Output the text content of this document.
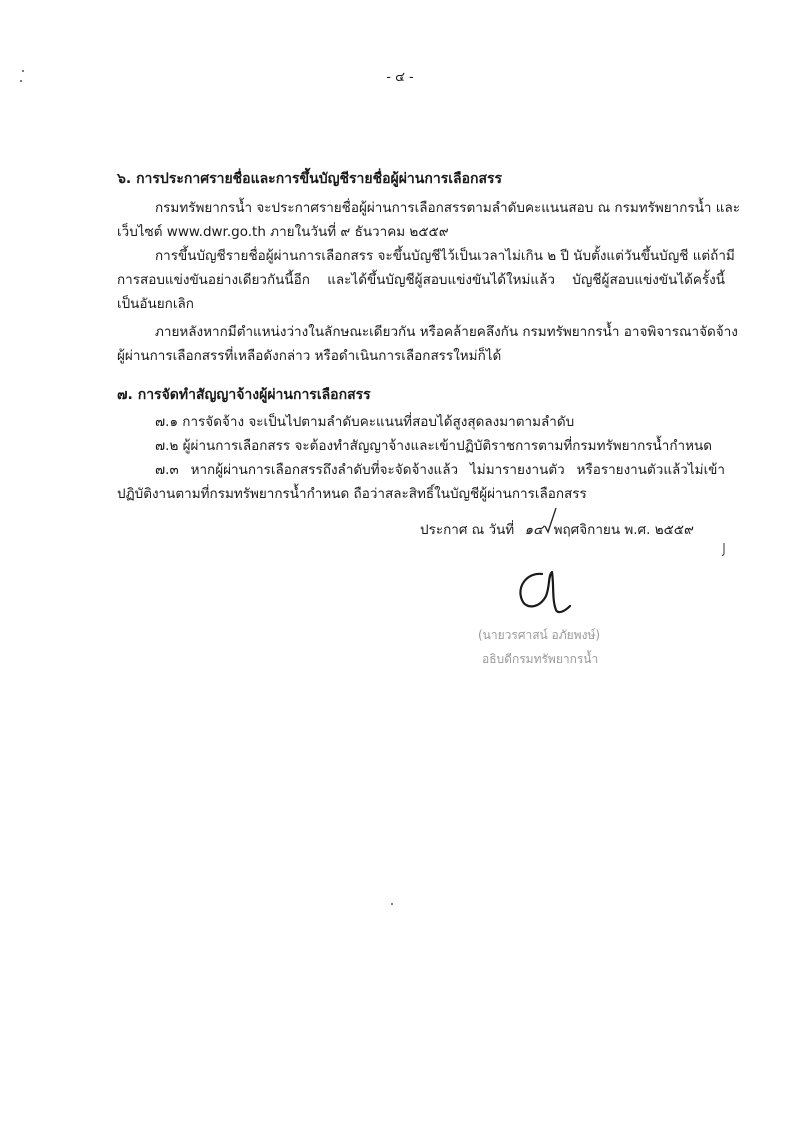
- ๔ -
๖. การประกาศรายชื่อและการขึ้นบัญชีรายชื่อผู้ผ่านการเลือกสรร
กรมทรัพยากรน้ำ จะประกาศรายชื่อผู้ผ่านการเลือกสรรตามลำดับคะแนนสอบ ณ กรมทรัพยากรน้ำ และ
เว็บไซต์ www.dwr.go.th ภายในวันที่ ๙ ธันวาคม ๒๕๕๙
การขึ้นบัญชีรายชื่อผู้ผ่านการเลือกสรร จะขึ้นบัญชีไว้เป็นเวลาไม่เกิน ๒ ปี นับตั้งแต่วันขึ้นบัญชี แต่ถ้ามี
การสอบแข่งขันอย่างเดียวกันนี้อีก และได้ขึ้นบัญชีผู้สอบแข่งขันได้ใหม่แล้ว บัญชีผู้สอบแข่งขันได้ครั้งนี้
เป็นอันยกเลิก
ภายหลังหากมีตำแหน่งว่างในลักษณะเดียวกัน หรือคล้ายคลึงกัน กรมทรัพยากรน้ำ อาจพิจารณาจัดจ้าง
ผู้ผ่านการเลือกสรรที่เหลือดังกล่าว หรือดำเนินการเลือกสรรใหม่ก็ได้
๗. การจัดทำสัญญาจ้างผู้ผ่านการเลือกสรร
๗.๑ การจัดจ้าง จะเป็นไปตามลำดับคะแนนที่สอบได้สูงสุดลงมาตามลำดับ
๗.๒ ผู้ผ่านการเลือกสรร จะต้องทำสัญญาจ้างและเข้าปฏิบัติราชการตามที่กรมทรัพยากรน้ำกำหนด
๗.๓ หากผู้ผ่านการเลือกสรรถึงลำดับที่จะจัดจ้างแล้ว ไม่มารายงานตัว หรือรายงานตัวแล้วไม่เข้า
ปฏิบัติงานตามที่กรมทรัพยากรน้ำกำหนด ถือว่าสละสิทธิ์ในบัญชีผู้ผ่านการเลือกสรร
ประกาศ ณ วันที่ ๑๔ พฤศจิกายน พ.ศ. ๒๕๕๙
(นายวรศาสน์ อภัยพงษ์)
อธิบดีกรมทรัพยากรน้ำ
